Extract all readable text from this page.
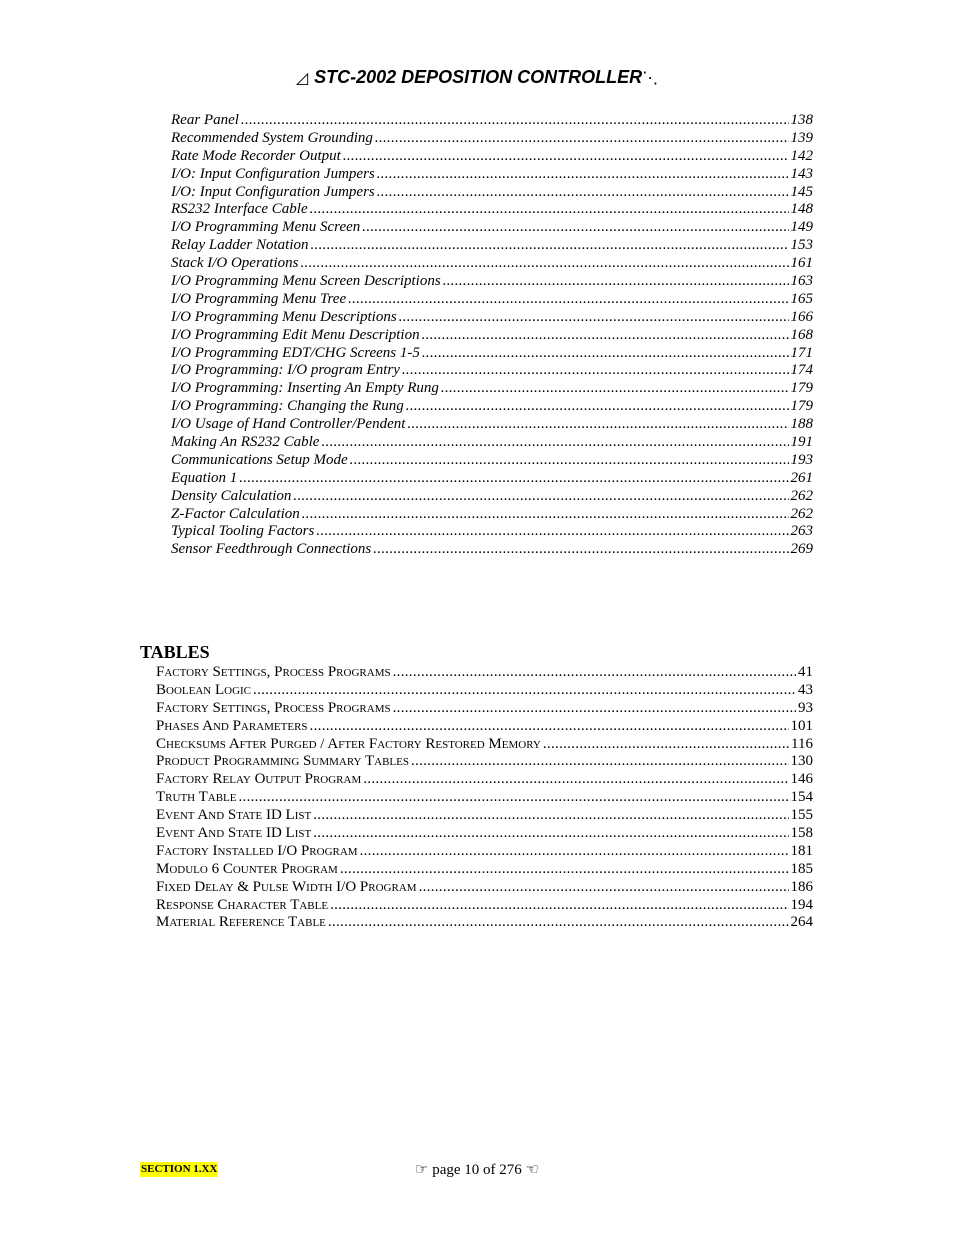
◿ STC-2002 DEPOSITION CONTROLLER⋱
Rear Panel .....	138
Recommended System Grounding .....	139
Rate Mode Recorder Output .....	142
I/O: Input Configuration Jumpers .....	143
I/O: Input Configuration Jumpers .....	145
RS232 Interface Cable .....	148
I/O Programming Menu Screen .....	149
Relay Ladder Notation .....	153
Stack I/O Operations .....	161
I/O Programming Menu Screen Descriptions .....	163
I/O Programming Menu Tree .....	165
I/O Programming Menu Descriptions .....	166
I/O Programming Edit Menu Description .....	168
I/O Programming EDT/CHG Screens 1-5 .....	171
I/O Programming: I/O program Entry .....	174
I/O Programming: Inserting An Empty Rung .....	179
I/O Programming: Changing the Rung .....	179
I/O Usage of Hand Controller/Pendent .....	188
Making An RS232 Cable .....	191
Communications Setup Mode .....	193
Equation 1 .....	261
Density Calculation .....	262
Z-Factor Calculation .....	262
Typical Tooling Factors .....	263
Sensor Feedthrough Connections .....	269
TABLES
Factory Settings, Process Programs .....	41
Boolean Logic .....	43
Factory Settings, Process Programs .....	93
Phases And Parameters .....	101
Checksums After Purged / After Factory Restored Memory .....	116
Product Programming Summary Tables .....	130
Factory Relay Output Program .....	146
Truth Table .....	154
Event And State ID List .....	155
Event And State ID List .....	158
Factory Installed I/O Program .....	181
Modulo 6 Counter Program .....	185
Fixed Delay & Pulse Width I/O Program .....	186
Response Character Table .....	194
Material Reference Table .....	264
SECTION 1.XX	☞ page 10 of 276 ☜
